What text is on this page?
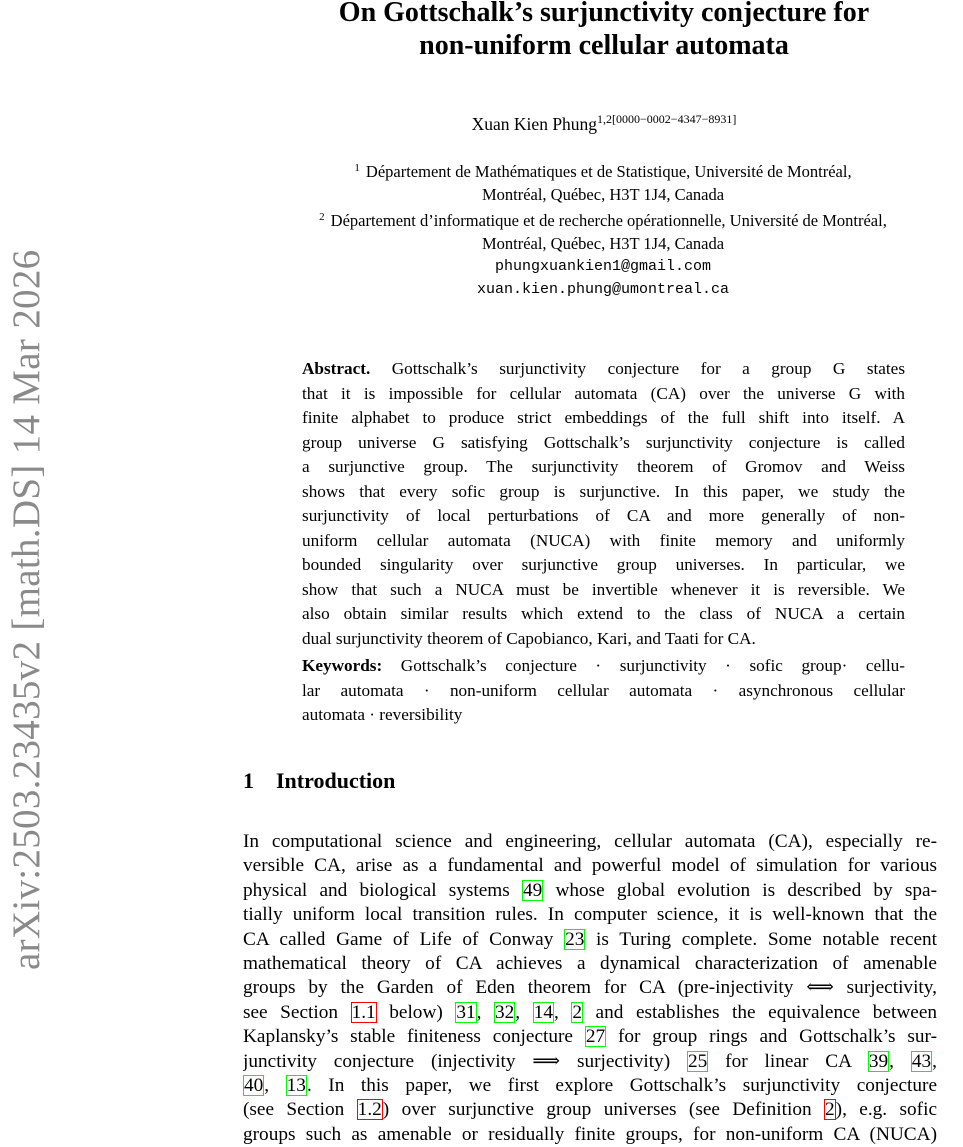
arXiv:2503.23435v2 [math.DS] 14 Mar 2026
On Gottschalk’s surjunctivity conjecture for
non-uniform cellular automata
Xuan Kien Phung$^{1,2[0000-0002-4347-8931]}$
$^1$ Département de Mathématiques et de Statistique, Université de Montréal,
Montréal, Québec, H3T 1J4, Canada
$^2$ Département d’informatique et de recherche opérationnelle, Université de Montréal,
Montréal, Québec, H3T 1J4, Canada
phungxuankien1@gmail.com
xuan.kien.phung@umontreal.ca
Abstract. Gottschalk’s surjunctivity conjecture for a group G states
that it is impossible for cellular automata (CA) over the universe G with
finite alphabet to produce strict embeddings of the full shift into itself. A
group universe G satisfying Gottschalk’s surjunctivity conjecture is called
a surjunctive group. The surjunctivity theorem of Gromov and Weiss
shows that every sofic group is surjunctive. In this paper, we study the
surjunctivity of local perturbations of CA and more generally of non-
uniform cellular automata (NUCA) with finite memory and uniformly
bounded singularity over surjunctive group universes. In particular, we
show that such a NUCA must be invertible whenever it is reversible. We
also obtain similar results which extend to the class of NUCA a certain
dual surjunctivity theorem of Capobianco, Kari, and Taati for CA.
Keywords: Gottschalk’s conjecture · surjunctivity · sofic group· cellu-
lar automata · non-uniform cellular automata · asynchronous cellular
automata · reversibility
1 Introduction
In computational science and engineering, cellular automata (CA), especially re-
versible CA, arise as a fundamental and powerful model of simulation for various
physical and biological systems 49 whose global evolution is described by spa-
tially uniform local transition rules. In computer science, it is well-known that the
CA called Game of Life of Conway 23 is Turing complete. Some notable recent
mathematical theory of CA achieves a dynamical characterization of amenable
groups by the Garden of Eden theorem for CA (pre-injectivity ⟺ surjectivity,
see Section 1.1 below) 31, 32, 14, 2 and establishes the equivalence between
Kaplansky’s stable finiteness conjecture 27 for group rings and Gottschalk’s sur-
junctivity conjecture (injectivity ⟹ surjectivity) 25 for linear CA 39, 43,
40, 13. In this paper, we first explore Gottschalk’s surjunctivity conjecture
(see Section 1.2) over surjunctive group universes (see Definition 2), e.g. sofic
groups such as amenable or residually finite groups, for non-uniform CA (NUCA)
